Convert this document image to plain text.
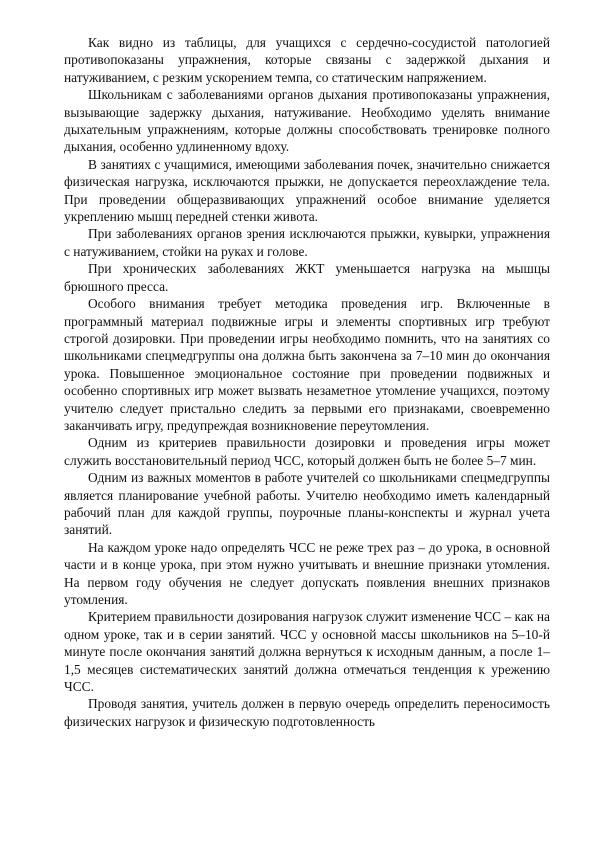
Как видно из таблицы, для учащихся с сердечно-сосудистой патологией противопоказаны упражнения, которые связаны с задержкой дыхания и натуживанием, с резким ускорением темпа, со статическим напряжением.

Школьникам с заболеваниями органов дыхания противопоказаны упражнения, вызывающие задержку дыхания, натуживание. Необходимо уделять внимание дыхательным упражнениям, которые должны способствовать тренировке полного дыхания, особенно удлиненному вдоху.

В занятиях с учащимися, имеющими заболевания почек, значительно снижается физическая нагрузка, исключаются прыжки, не допускается переохлаждение тела. При проведении общеразвивающих упражнений особое внимание уделяется укреплению мышц передней стенки живота.

При заболеваниях органов зрения исключаются прыжки, кувырки, упражнения с натуживанием, стойки на руках и голове.

При хронических заболеваниях ЖКТ уменьшается нагрузка на мышцы брюшного пресса.

Особого внимания требует методика проведения игр. Включенные в программный материал подвижные игры и элементы спортивных игр требуют строгой дозировки. При проведении игры необходимо помнить, что на занятиях со школьниками спецмедгруппы она должна быть закончена за 7–10 мин до окончания урока. Повышенное эмоциональное состояние при проведении подвижных и особенно спортивных игр может вызвать незаметное утомление учащихся, поэтому учителю следует пристально следить за первыми его признаками, своевременно заканчивать игру, предупреждая возникновение переутомления.

Одним из критериев правильности дозировки и проведения игры может служить восстановительный период ЧСС, который должен быть не более 5–7 мин.

Одним из важных моментов в работе учителей со школьниками спецмедгруппы является планирование учебной работы. Учителю необходимо иметь календарный рабочий план для каждой группы, поурочные планы-конспекты и журнал учета занятий.

На каждом уроке надо определять ЧСС не реже трех раз – до урока, в основной части и в конце урока, при этом нужно учитывать и внешние признаки утомления. На первом году обучения не следует допускать появления внешних признаков утомления.

Критерием правильности дозирования нагрузок служит изменение ЧСС – как на одном уроке, так и в серии занятий. ЧСС у основной массы школьников на 5–10-й минуте после окончания занятий должна вернуться к исходным данным, а после 1–1,5 месяцев систематических занятий должна отмечаться тенденция к урежению ЧСС.

Проводя занятия, учитель должен в первую очередь определить переносимость физических нагрузок и физическую подготовленность
